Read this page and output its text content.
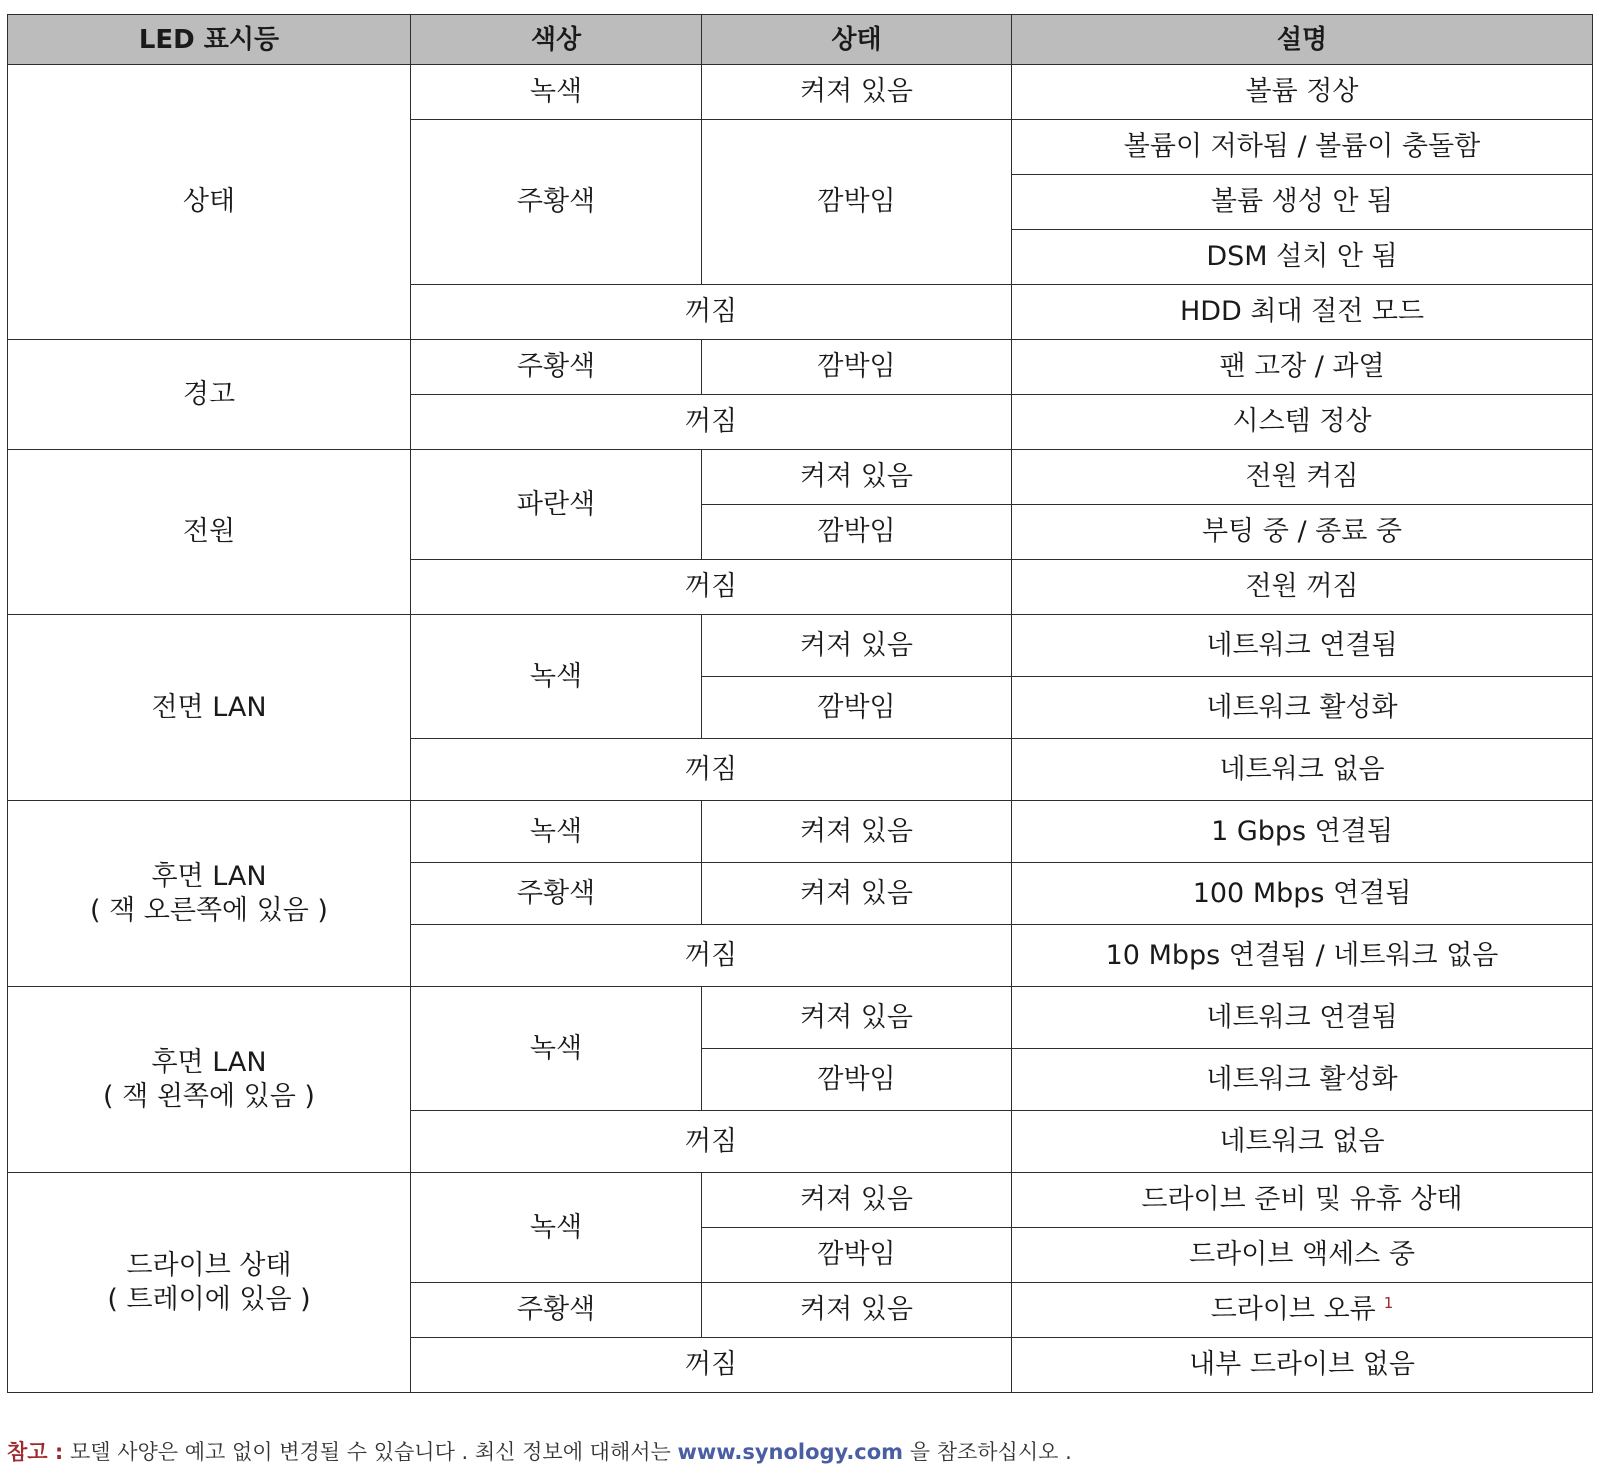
LED 표시등	색상	상태	설명
상태	녹색	켜져 있음	볼륨 정상
	주황색	깜박임	볼륨이 저하됨 / 볼륨이 충돌함
			볼륨 생성 안 됨
			DSM 설치 안 됨
	꺼짐		HDD 최대 절전 모드
경고	주황색	깜박임	팬 고장 / 과열
	꺼짐		시스템 정상
전원	파란색	켜져 있음	전원 켜짐
		깜박임	부팅 중 / 종료 중
	꺼짐		전원 꺼짐
전면 LAN	녹색	켜져 있음	네트워크 연결됨
		깜박임	네트워크 활성화
	꺼짐		네트워크 없음

후면 LAN
( 잭 오른쪽에 있음 )	녹색	켜져 있음	1 Gbps 연결됨
	주황색	켜져 있음	100 Mbps 연결됨
	꺼짐		10 Mbps 연결됨 / 네트워크 없음

후면 LAN
( 잭 왼쪽에 있음 )	녹색	켜져 있음	네트워크 연결됨
		깜박임	네트워크 활성화
	꺼짐		네트워크 없음

드라이브 상태
( 트레이에 있음 )	녹색	켜져 있음	드라이브 준비 및 유휴 상태
		깜박임	드라이브 액세스 중
	주황색	켜져 있음	드라이브 오류 $^1$
	꺼짐		내부 드라이브 없음
참고 : 모델 사양은 예고 없이 변경될 수 있습니다 . 최신 정보에 대해서는 www.synology.com 을 참조하십시오 .
